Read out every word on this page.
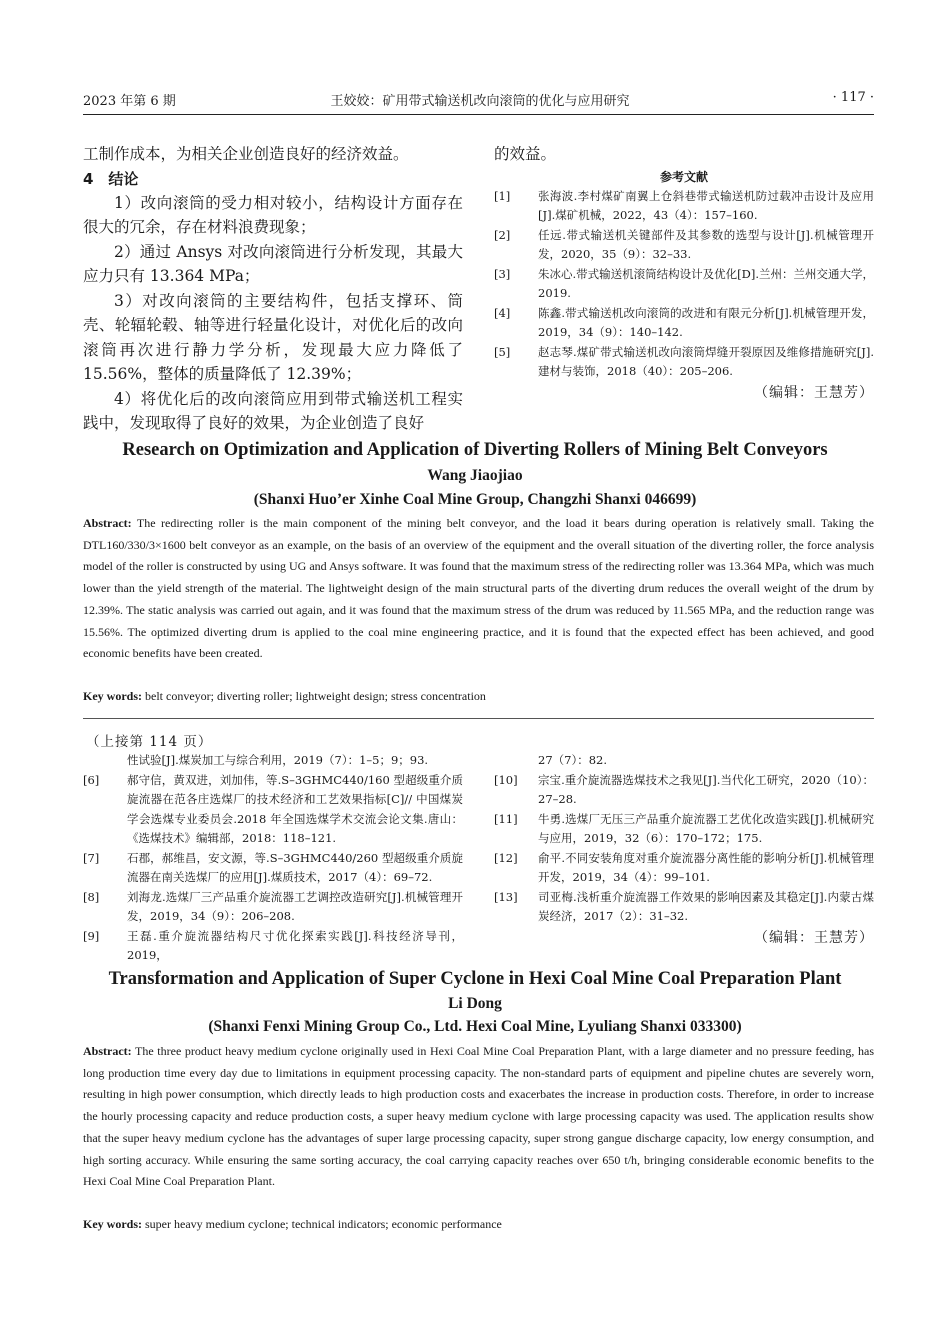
2023 年第 6 期	王姣姣：矿用带式输送机改向滚筒的优化与应用研究	· 117 ·

工制作成本，为相关企业创造良好的经济效益。

4　结论

1）改向滚筒的受力相对较小，结构设计方面存在很大的冗余，存在材料浪费现象；

2）通过 Ansys 对改向滚筒进行分析发现，其最大应力只有 13.364 MPa；

3）对改向滚筒的主要结构件，包括支撑环、筒壳、轮辐轮毂、轴等进行轻量化设计，对优化后的改向滚筒再次进行静力学分析，发现最大应力降低了 15.56%，整体的质量降低了 12.39%；

4）将优化后的改向滚筒应用到带式输送机工程实践中，发现取得了良好的效果，为企业创造了良好

的效益。
参考文献
[1] 张海波.李村煤矿南翼上仓斜巷带式输送机防过载冲击设计及应用[J].煤矿机械，2022，43（4）：157–160.
[2] 任远.带式输送机关键部件及其参数的选型与设计[J].机械管理开发，2020，35（9）：32–33.
[3] 朱冰心.带式输送机滚筒结构设计及优化[D].兰州：兰州交通大学，2019.
[4] 陈鑫.带式输送机改向滚筒的改进和有限元分析[J].机械管理开发，2019，34（9）：140–142.
[5] 赵志琴.煤矿带式输送机改向滚筒焊缝开裂原因及维修措施研究[J].建材与装饰，2018（40）：205–206.
（编辑：王慧芳）
Research on Optimization and Application of Diverting Rollers of Mining Belt Conveyors
Wang Jiaojiao
(Shanxi Huo’er Xinhe Coal Mine Group, Changzhi Shanxi 046699)
Abstract: The redirecting roller is the main component of the mining belt conveyor, and the load it bears during operation is relatively small. Taking the DTL160/330/3×1600 belt conveyor as an example, on the basis of an overview of the equipment and the overall situation of the diverting roller, the force analysis model of the roller is constructed by using UG and Ansys software. It was found that the maximum stress of the redirecting roller was 13.364 MPa, which was much lower than the yield strength of the material. The lightweight design of the main structural parts of the diverting drum reduces the overall weight of the drum by 12.39%. The static analysis was carried out again, and it was found that the maximum stress of the drum was reduced by 11.565 MPa, and the reduction range was 15.56%. The optimized diverting drum is applied to the coal mine engineering practice, and it is found that the expected effect has been achieved, and good economic benefits have been created.
Key words: belt conveyor; diverting roller; lightweight design; stress concentration
（上接第 114 页）
性试验[J].煤炭加工与综合利用，2019（7）：1–5；9；93.
[6] 郝守信，黄双进，刘加伟，等.S–3GHMC440/160 型超级重介质旋流器在范各庄选煤厂的技术经济和工艺效果指标[C]// 中国煤炭学会选煤专业委员会.2018 年全国选煤学术交流会论文集.唐山：《选煤技术》编辑部，2018：118–121.
[7] 石郡，郝维昌，安文源，等.S–3GHMC440/260 型超级重介质旋流器在南关选煤厂的应用[J].煤质技术，2017（4）：69–72.
[8] 刘海龙.选煤厂三产品重介旋流器工艺调控改造研究[J].机械管理开发，2019，34（9）：206–208.
[9] 王磊.重介旋流器结构尺寸优化探索实践[J].科技经济导刊，2019，
27（7）：82.
[10] 宗宝.重介旋流器选煤技术之我见[J].当代化工研究，2020（10）：27–28.
[11] 牛勇.选煤厂无压三产品重介旋流器工艺优化改造实践[J].机械研究与应用，2019，32（6）：170–172；175.
[12] 俞平.不同安装角度对重介旋流器分离性能的影响分析[J].机械管理开发，2019，34（4）：99–101.
[13] 司亚梅.浅析重介旋流器工作效果的影响因素及其稳定[J].内蒙古煤炭经济，2017（2）：31–32.
（编辑：王慧芳）
Transformation and Application of Super Cyclone in Hexi Coal Mine Coal Preparation Plant
Li Dong
(Shanxi Fenxi Mining Group Co., Ltd. Hexi Coal Mine, Lyuliang Shanxi 033300)
Abstract: The three product heavy medium cyclone originally used in Hexi Coal Mine Coal Preparation Plant, with a large diameter and no pressure feeding, has long production time every day due to limitations in equipment processing capacity. The non-standard parts of equipment and pipeline chutes are severely worn, resulting in high power consumption, which directly leads to high production costs and exacerbates the increase in production costs. Therefore, in order to increase the hourly processing capacity and reduce production costs, a super heavy medium cyclone with large processing capacity was used. The application results show that the super heavy medium cyclone has the advantages of super large processing capacity, super strong gangue discharge capacity, low energy consumption, and high sorting accuracy. While ensuring the same sorting accuracy, the coal carrying capacity reaches over 650 t/h, bringing considerable economic benefits to the Hexi Coal Mine Coal Preparation Plant.
Key words: super heavy medium cyclone; technical indicators; economic performance
